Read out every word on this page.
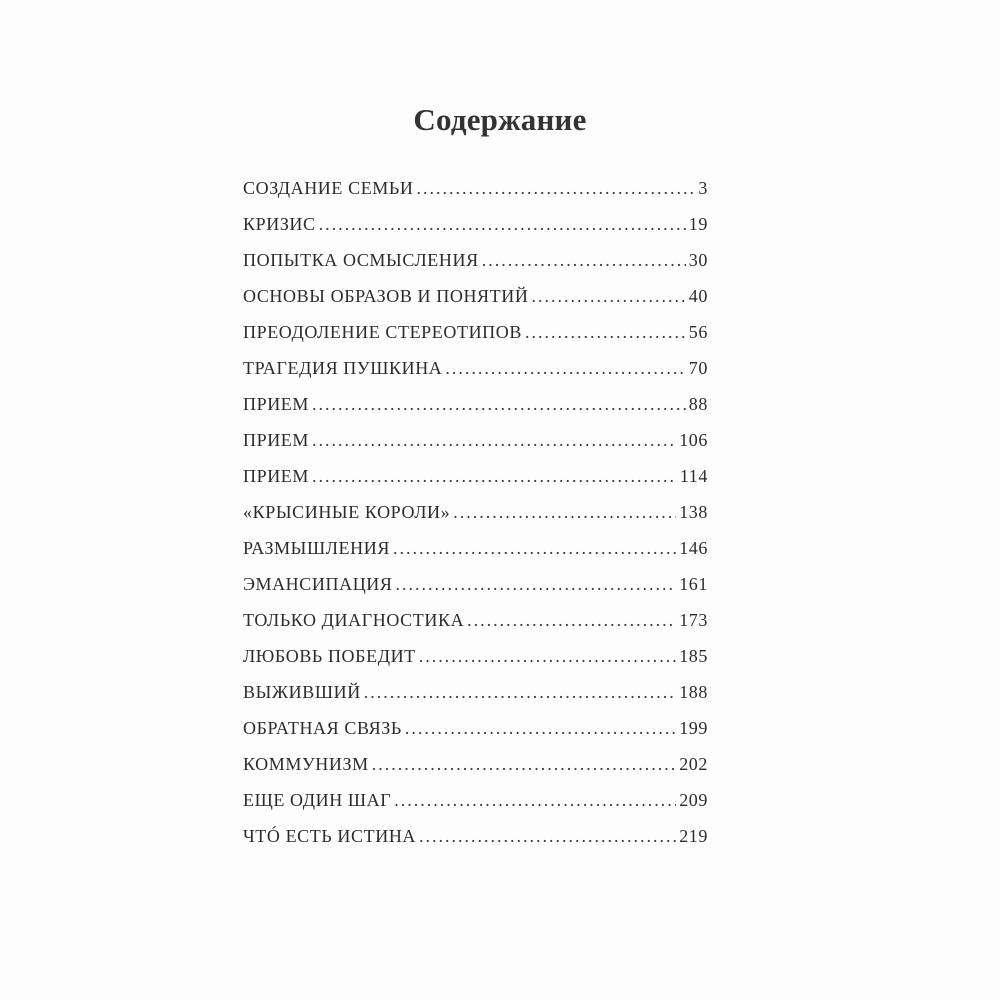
Содержание
СОЗДАНИЕ СЕМЬИ .....	3
КРИЗИС .....	19
ПОПЫТКА ОСМЫСЛЕНИЯ .....	30
ОСНОВЫ ОБРАЗОВ И ПОНЯТИЙ .....	40
ПРЕОДОЛЕНИЕ СТЕРЕОТИПОВ .....	56
ТРАГЕДИЯ ПУШКИНА .....	70
ПРИЕМ .....	88
ПРИЕМ .....	106
ПРИЕМ .....	114
«КРЫСИНЫЕ КОРОЛИ» .....	138
РАЗМЫШЛЕНИЯ .....	146
ЭМАНСИПАЦИЯ .....	161
ТОЛЬКО ДИАГНОСТИКА .....	173
ЛЮБОВЬ ПОБЕДИТ .....	185
ВЫЖИВШИЙ .....	188
ОБРАТНАЯ СВЯЗЬ .....	199
КОММУНИЗМ .....	202
ЕЩЕ ОДИН ШАГ .....	209
ЧТÓ ЕСТЬ ИСТИНА .....	219
